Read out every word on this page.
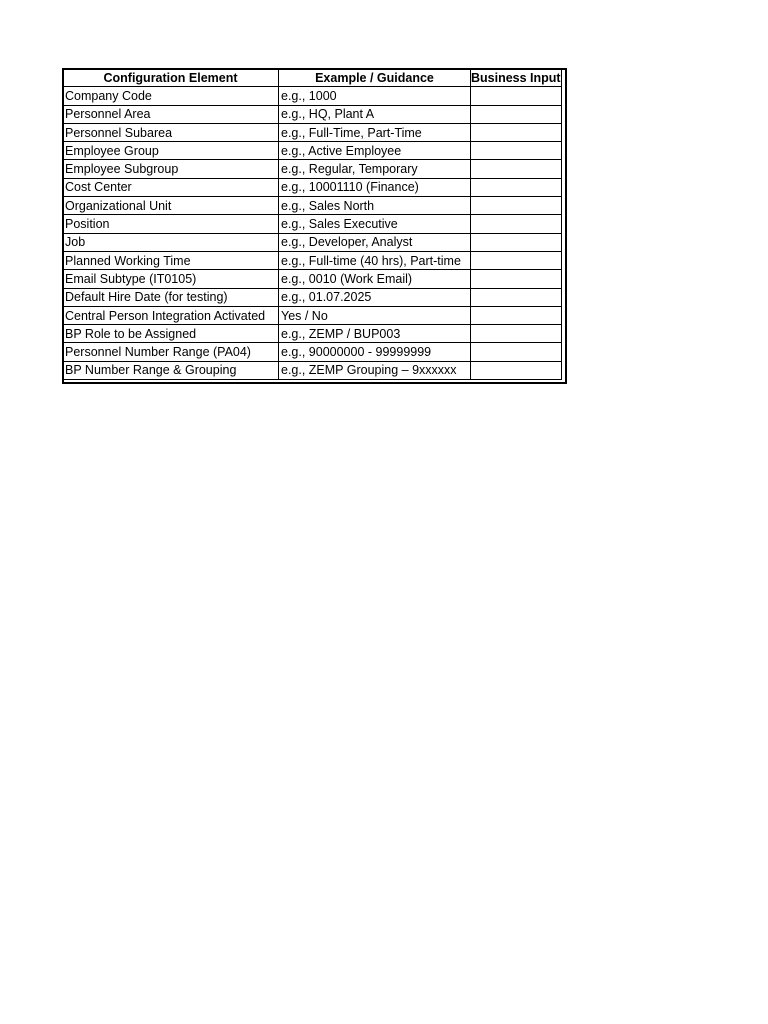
Configuration Element	Example / Guidance	Business Input
Company Code	e.g., 1000	
Personnel Area	e.g., HQ, Plant A	
Personnel Subarea	e.g., Full-Time, Part-Time	
Employee Group	e.g., Active Employee	
Employee Subgroup	e.g., Regular, Temporary	
Cost Center	e.g., 10001110 (Finance)	
Organizational Unit	e.g., Sales North	
Position	e.g., Sales Executive	
Job	e.g., Developer, Analyst	
Planned Working Time	e.g., Full-time (40 hrs), Part-time	
Email Subtype (IT0105)	e.g., 0010 (Work Email)	
Default Hire Date (for testing)	e.g., 01.07.2025	
Central Person Integration Activated	Yes / No	
BP Role to be Assigned	e.g., ZEMP / BUP003	
Personnel Number Range (PA04)	e.g., 90000000 - 99999999	
BP Number Range & Grouping	e.g., ZEMP Grouping – 9xxxxxx	
